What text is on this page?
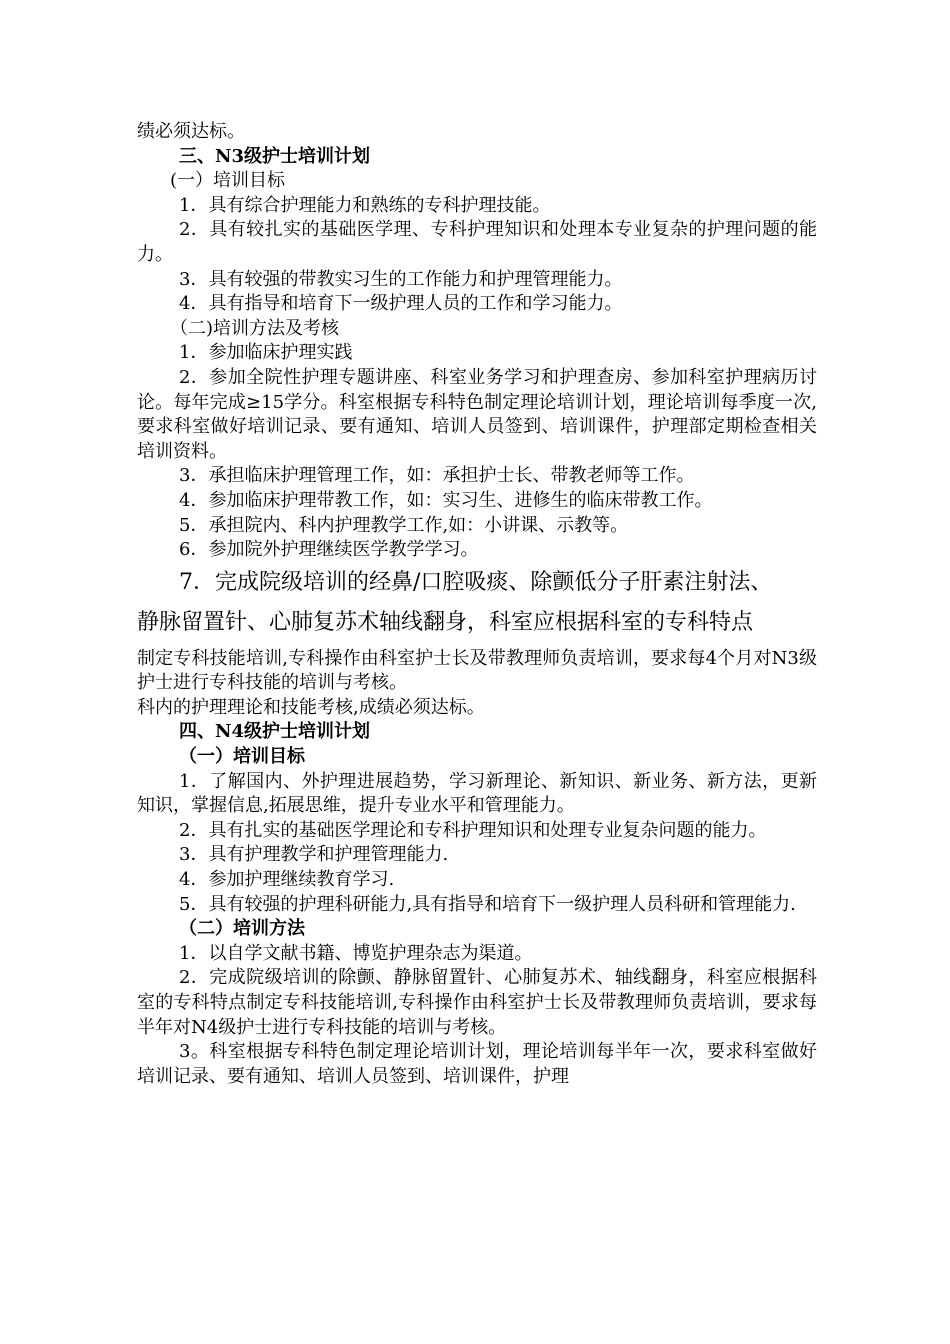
绩必须达标。

三、N3级护士培训计划

(一）培训目标

1．具有综合护理能力和熟练的专科护理技能。

2．具有较扎实的基础医学理、专科护理知识和处理本专业复杂的护理问题的能力。

3．具有较强的带教实习生的工作能力和护理管理能力。

4．具有指导和培育下一级护理人员的工作和学习能力。

（二)培训方法及考核

1．参加临床护理实践

2．参加全院性护理专题讲座、科室业务学习和护理查房、参加科室护理病历讨论。每年完成≥15学分。科室根据专科特色制定理论培训计划，理论培训每季度一次,要求科室做好培训记录、要有通知、培训人员签到、培训课件，护理部定期检查相关培训资料。

3．承担临床护理管理工作，如：承担护士长、带教老师等工作。

4．参加临床护理带教工作，如：实习生、进修生的临床带教工作。

5．承担院内、科内护理教学工作,如：小讲课、示教等。

6．参加院外护理继续医学教学学习。

7．完成院级培训的经鼻/口腔吸痰、除颤低分子肝素注射法、

静脉留置针、心肺复苏术轴线翻身，科室应根据科室的专科特点

制定专科技能培训,专科操作由科室护士长及带教理师负责培训，要求每4个月对N3级护士进行专科技能的培训与考核。

科内的护理理论和技能考核,成绩必须达标。

四、N4级护士培训计划

（一）培训目标

1．了解国内、外护理进展趋势，学习新理论、新知识、新业务、新方法，更新知识，掌握信息,拓展思维，提升专业水平和管理能力。

2．具有扎实的基础医学理论和专科护理知识和处理专业复杂问题的能力。

3．具有护理教学和护理管理能力.

4．参加护理继续教育学习.

5．具有较强的护理科研能力,具有指导和培育下一级护理人员科研和管理能力.

（二）培训方法

1．以自学文献书籍、博览护理杂志为渠道。

2．完成院级培训的除颤、静脉留置针、心肺复苏术、轴线翻身，科室应根据科室的专科特点制定专科技能培训,专科操作由科室护士长及带教理师负责培训，要求每半年对N4级护士进行专科技能的培训与考核。

3。科室根据专科特色制定理论培训计划，理论培训每半年一次，要求科室做好培训记录、要有通知、培训人员签到、培训课件，护理
